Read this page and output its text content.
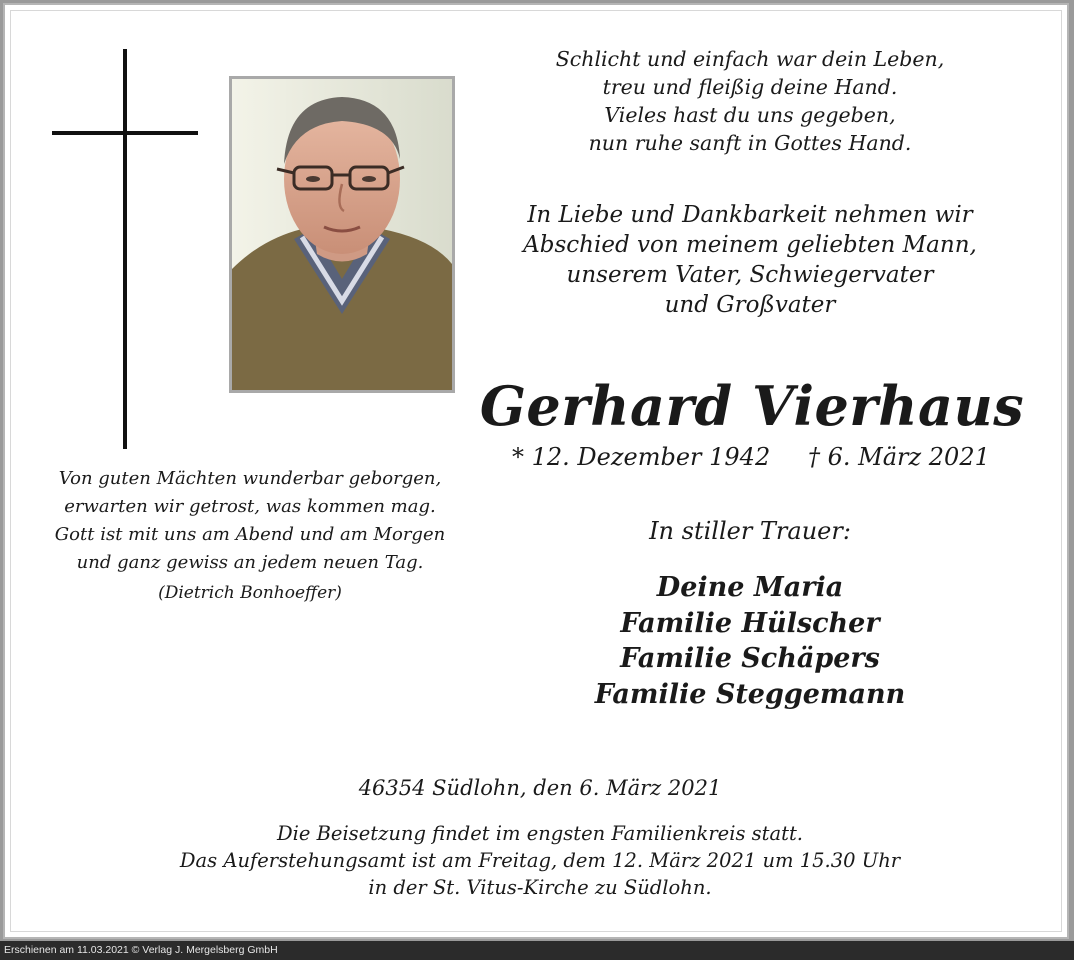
Schlicht und einfach war dein Leben,
treu und fleißig deine Hand.
Vieles hast du uns gegeben,
nun ruhe sanft in Gottes Hand.
In Liebe und Dankbarkeit nehmen wir
Abschied von meinem geliebten Mann,
unserem Vater, Schwiegervater
und Großvater
Gerhard Vierhaus
* 12. Dezember 1942 † 6. März 2021
In stiller Trauer:
Deine Maria
Familie Hülscher
Familie Schäpers
Familie Steggemann
Von guten Mächten wunderbar geborgen,
erwarten wir getrost, was kommen mag.
Gott ist mit uns am Abend und am Morgen
und ganz gewiss an jedem neuen Tag.
(Dietrich Bonhoeffer)
46354 Südlohn, den 6. März 2021
Die Beisetzung findet im engsten Familienkreis statt.
Das Auferstehungsamt ist am Freitag, dem 12. März 2021 um 15.30 Uhr
in der St. Vitus-Kirche zu Südlohn.
Erschienen am 11.03.2021 © Verlag J. Mergelsberg GmbH
